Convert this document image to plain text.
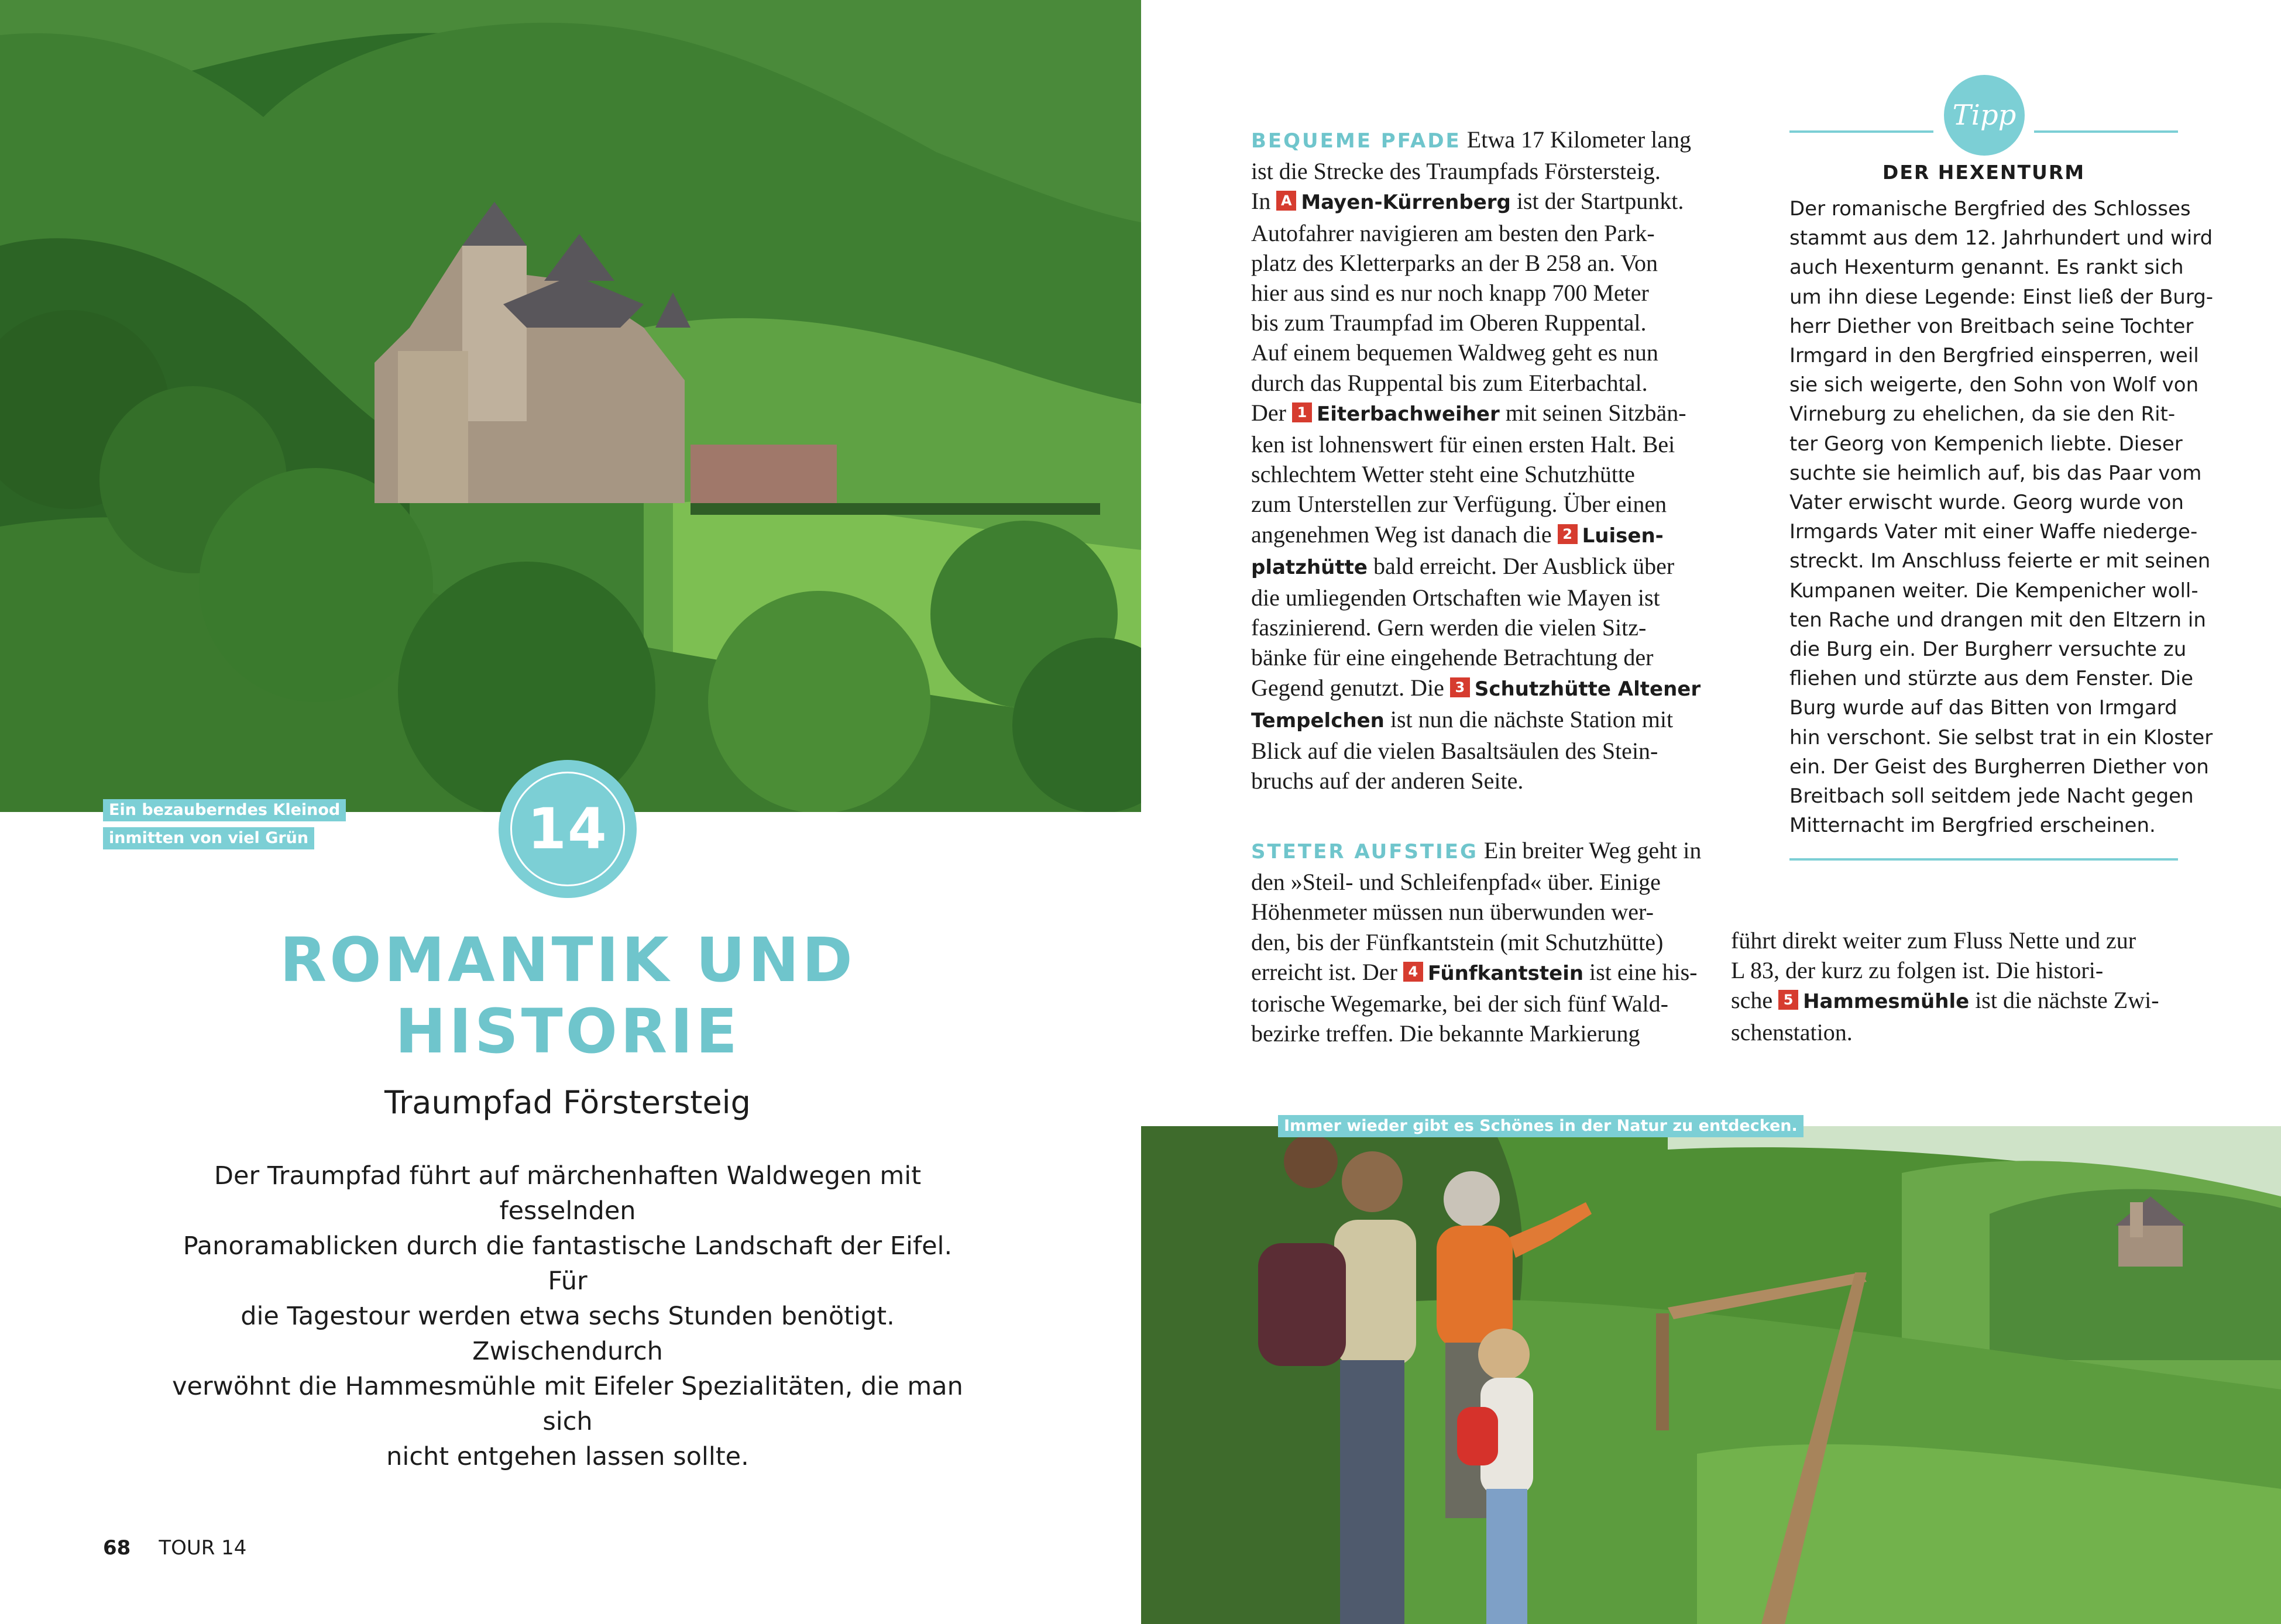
Ein bezauberndes Kleinod
inmitten von viel Grün	14
ROMANTIK UND
HISTORIE
Traumpfad Förstersteig
Der Traumpfad führt auf märchenhaften Waldwegen mit fesselnden
Panoramablicken durch die fantastische Landschaft der Eifel. Für
die Tagestour werden etwa sechs Stunden benötigt. Zwischendurch
verwöhnt die Hammesmühle mit Eifeler Spezialitäten, die man sich
nicht entgehen lassen sollte.
68 TOUR 14

BEQUEME PFADE Etwa 17 Kilometer lang

ist die Strecke des Traumpfads Förstersteig.

In A Mayen-Kürrenberg ist der Startpunkt.

Autofahrer navigieren am besten den Park-

platz des Kletterparks an der B 258 an. Von

hier aus sind es nur noch knapp 700 Meter

bis zum Traumpfad im Oberen Ruppental.

Auf einem bequemen Waldweg geht es nun

durch das Ruppental bis zum Eiterbachtal.

Der 1 Eiterbachweiher mit seinen Sitzbän-

ken ist lohnenswert für einen ersten Halt. Bei

schlechtem Wetter steht eine Schutzhütte

zum Unterstellen zur Verfügung. Über einen

angenehmen Weg ist danach die 2 Luisen-

platzhütte bald erreicht. Der Ausblick über

die umliegenden Ortschaften wie Mayen ist

faszinierend. Gern werden die vielen Sitz-

bänke für eine eingehende Betrachtung der

Gegend genutzt. Die 3 Schutzhütte Altener

Tempelchen ist nun die nächste Station mit

Blick auf die vielen Basaltsäulen des Stein-

bruchs auf der anderen Seite.

STETER AUFSTIEG Ein breiter Weg geht in

den »Steil- und Schleifenpfad« über. Einige

Höhenmeter müssen nun überwunden wer-

den, bis der Fünfkantstein (mit Schutzhütte)

erreicht ist. Der 4 Fünfkantstein ist eine his-

torische Wegemarke, bei der sich fünf Wald-

bezirke treffen. Die bekannte Markierung

führt direkt weiter zum Fluss Nette und zur

L 83, der kurz zu folgen ist. Die histori-

sche 5 Hammesmühle ist die nächste Zwi-

schenstation.

Tipp
DER HEXENTURM

Der romanische Bergfried des Schlosses

stammt aus dem 12. Jahrhundert und wird

auch Hexenturm genannt. Es rankt sich

um ihn diese Legende: Einst ließ der Burg-

herr Diether von Breitbach seine Tochter

Irmgard in den Bergfried einsperren, weil

sie sich weigerte, den Sohn von Wolf von

Virneburg zu ehelichen, da sie den Rit-

ter Georg von Kempenich liebte. Dieser

suchte sie heimlich auf, bis das Paar vom

Vater erwischt wurde. Georg wurde von

Irmgards Vater mit einer Waffe niederge-

streckt. Im Anschluss feierte er mit seinen

Kumpanen weiter. Die Kempenicher woll-

ten Rache und drangen mit den Eltzern in

die Burg ein. Der Burgherr versuchte zu

fliehen und stürzte aus dem Fenster. Die

Burg wurde auf das Bitten von Irmgard

hin verschont. Sie selbst trat in ein Kloster

ein. Der Geist des Burgherren Diether von

Breitbach soll seitdem jede Nacht gegen

Mitternacht im Bergfried erscheinen.

Immer wieder gibt es Schönes in der Natur zu entdecken.
